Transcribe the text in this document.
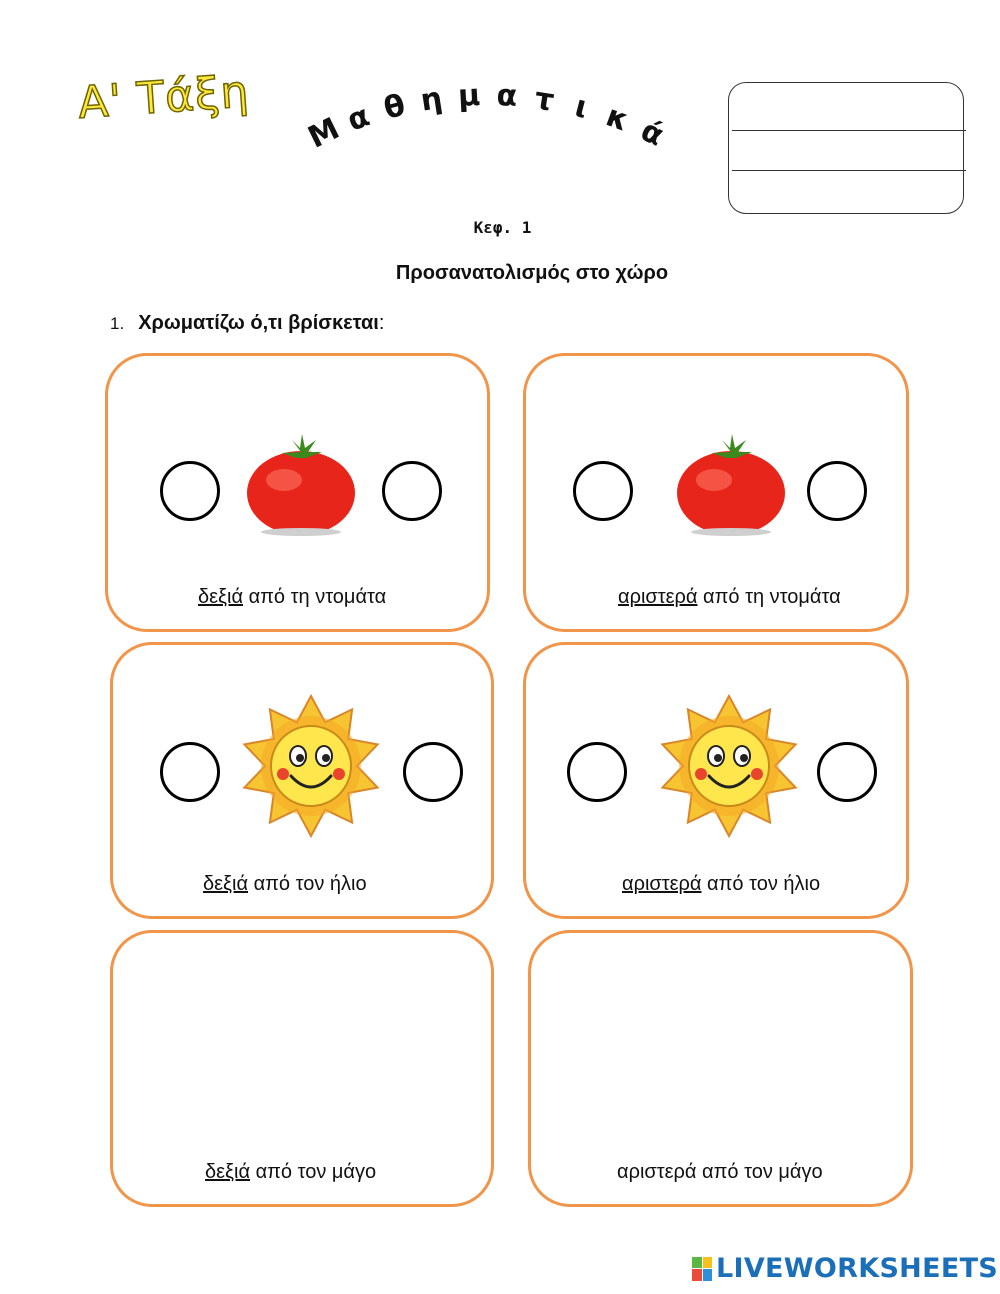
Α' Τάξη
Μ
α θ η μ α τ ι κ ά
Κεφ. 1
Προσανατολισμός στο χώρο
1. Χρωματίζω ό,τι βρίσκεται:
δεξιά από τη ντομάτα	αριστερά από τη ντομάτα
δεξιά από τον ήλιο	αριστερά από τον ήλιο
δεξιά από τον μάγο	αριστερά από τον μάγο
LIVEWORKSHEETS
